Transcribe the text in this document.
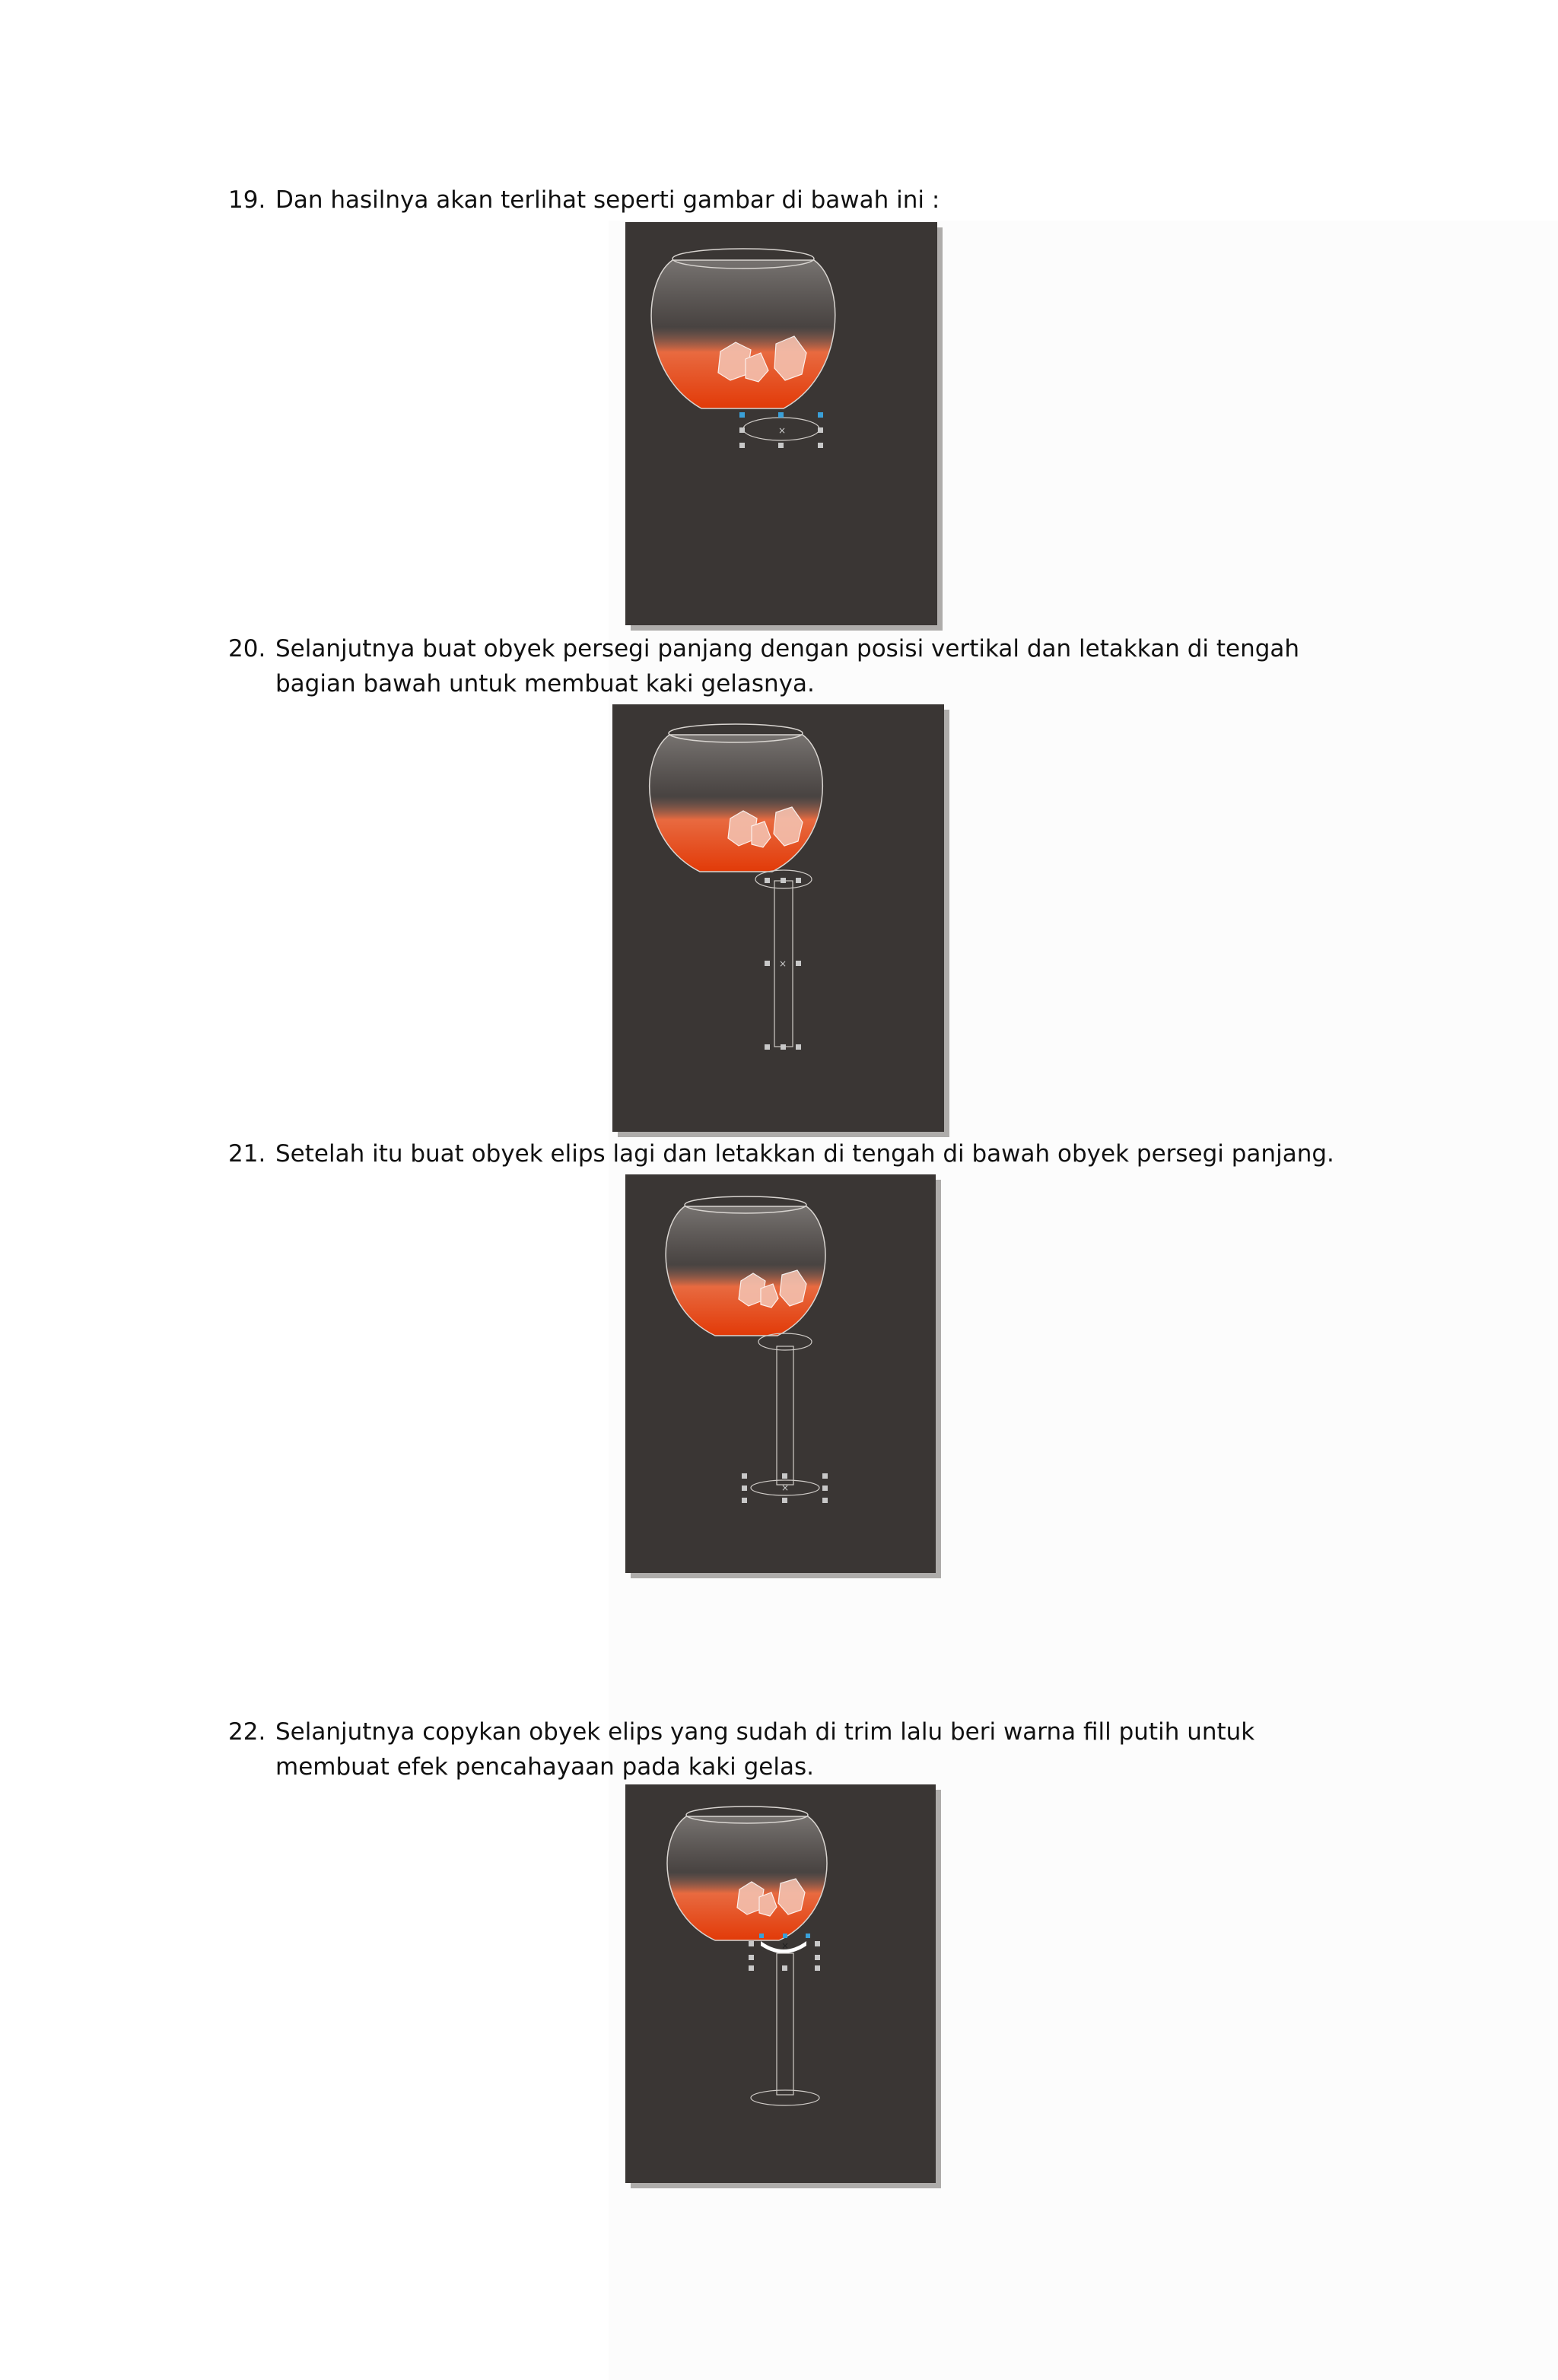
19. Dan hasilnya akan terlihat seperti gambar di bawah ini :
×
20. Selanjutnya buat obyek persegi panjang dengan posisi vertikal dan letakkan di tengah bagian bawah untuk membuat kaki gelasnya.
×
21. Setelah itu buat obyek elips lagi dan letakkan di tengah di bawah obyek persegi panjang.
×
22. Selanjutnya copykan obyek elips yang sudah di trim lalu beri warna fill putih untuk membuat efek pencahayaan pada kaki gelas.
×
